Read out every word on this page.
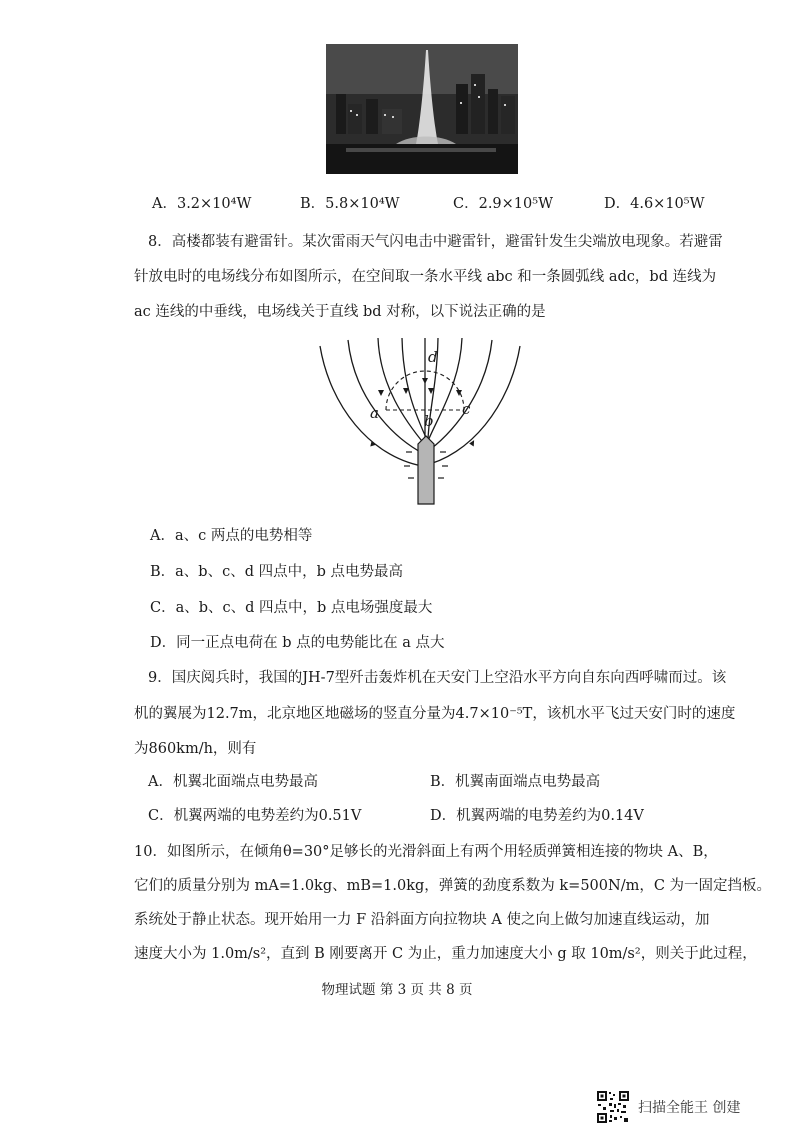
A．3.2×10⁴W	B．5.8×10⁴W	C．2.9×10⁵W	D．4.6×10⁵W
8．高楼都装有避雷针。某次雷雨天气闪电击中避雷针，避雷针发生尖端放电现象。若避雷
针放电时的电场线分布如图所示，在空间取一条水平线 abc 和一条圆弧线 adc，bd 连线为
ac 连线的中垂线，电场线关于直线 bd 对称，以下说法正确的是
a	b
c
d
A．a、c 两点的电势相等
B．a、b、c、d 四点中，b 点电势最高
C．a、b、c、d 四点中，b 点电场强度最大
D．同一正点电荷在 b 点的电势能比在 a 点大
9．国庆阅兵时，我国的JH-7型歼击轰炸机在天安门上空沿水平方向自东向西呼啸而过。该
机的翼展为12.7m，北京地区地磁场的竖直分量为4.7×10⁻⁵T，该机水平飞过天安门时的速度
为860km/h，则有
A．机翼北面端点电势最高	B．机翼南面端点电势最高
C．机翼两端的电势差约为0.51V	D．机翼两端的电势差约为0.14V
10．如图所示，在倾角θ=30°足够长的光滑斜面上有两个用轻质弹簧相连接的物块 A、B，
它们的质量分别为 mA=1.0kg、mB=1.0kg，弹簧的劲度系数为 k=500N/m，C 为一固定挡板。
系统处于静止状态。现开始用一力 F 沿斜面方向拉物块 A 使之向上做匀加速直线运动，加
速度大小为 1.0m/s²，直到 B 刚要离开 C 为止，重力加速度大小 g 取 10m/s²，则关于此过程，
物理试题 第 3 页 共 8 页
扫描全能王 创建
